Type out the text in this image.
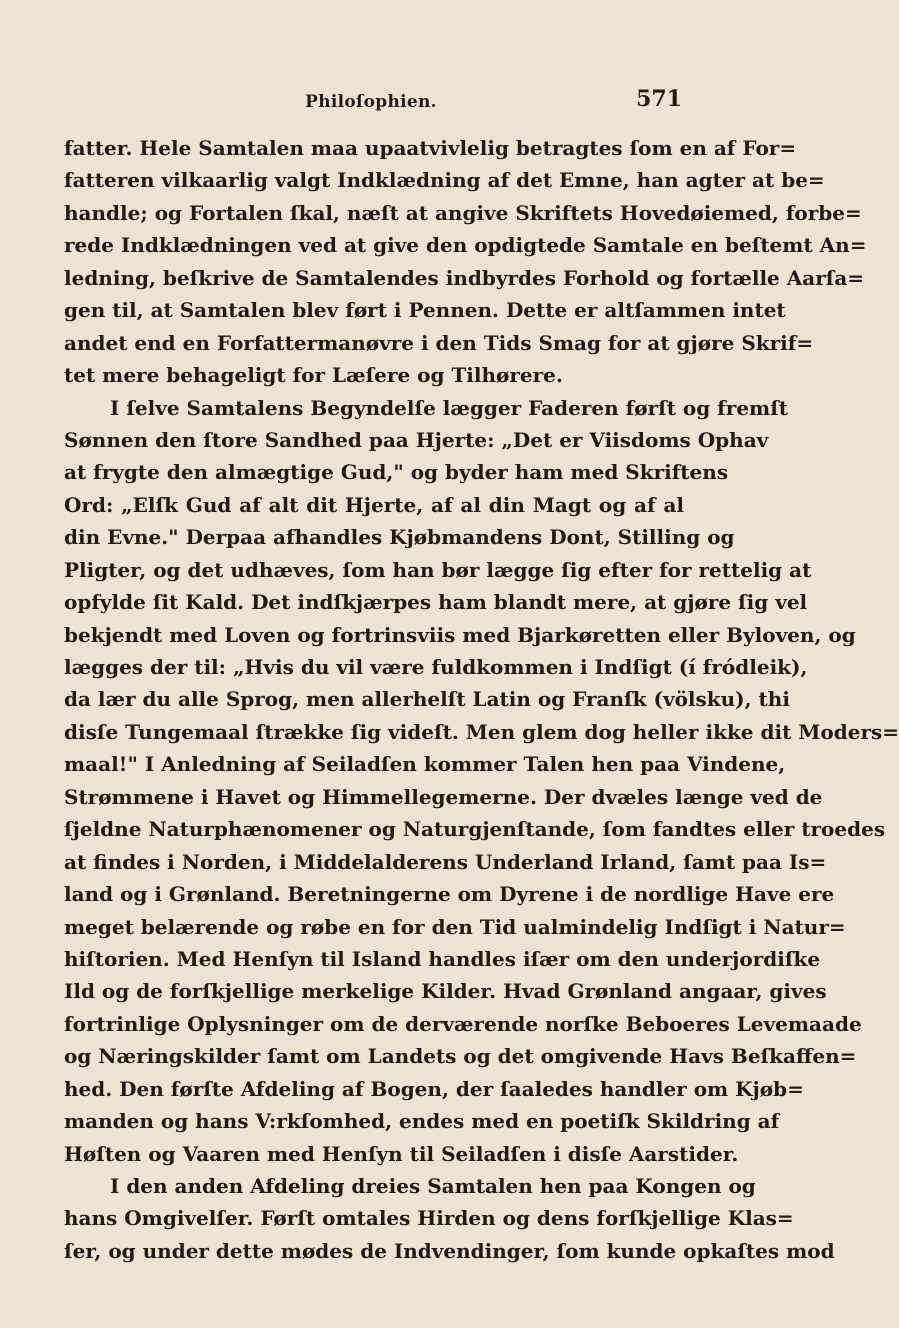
Philoſophien.	571
fatter. Hele Samtalen maa upaatvivlelig betragtes ſom en af For=
fatteren vilkaarlig valgt Indklædning af det Emne, han agter at be=
handle; og Fortalen ſkal, næſt at angive Skriftets Hovedøiemed, forbe=
rede Indklædningen ved at give den opdigtede Samtale en beſtemt An=
ledning, beſkrive de Samtalendes indbyrdes Forhold og fortælle Aarſa=
gen til, at Samtalen blev ført i Pennen. Dette er altſammen intet
andet end en Forfattermanøvre i den Tids Smag for at gjøre Skrif=
tet mere behageligt for Læſere og Tilhørere.
I ſelve Samtalens Begyndelſe lægger Faderen førſt og fremſt
Sønnen den ſtore Sandhed paa Hjerte: „Det er Viisdoms Ophav
at frygte den almægtige Gud," og byder ham med Skriftens
Ord: „Elſk Gud af alt dit Hjerte, af al din Magt og af al
din Evne." Derpaa afhandles Kjøbmandens Dont, Stilling og
Pligter, og det udhæves, ſom han bør lægge ſig efter for rettelig at
opfylde ſit Kald. Det indſkjærpes ham blandt mere, at gjøre ſig vel
bekjendt med Loven og fortrinsviis med Bjarkøretten eller Byloven, og
lægges der til: „Hvis du vil være fuldkommen i Indſigt (í fródleik),
da lær du alle Sprog, men allerhelſt Latin og Franſk (völsku), thi
disſe Tungemaal ſtrække ſig videſt. Men glem dog heller ikke dit Moders=
maal!" I Anledning af Seiladſen kommer Talen hen paa Vindene,
Strømmene i Havet og Himmellegemerne. Der dvæles længe ved de
ſjeldne Naturphænomener og Naturgjenſtande, ſom fandtes eller troedes
at findes i Norden, i Middelalderens Underland Irland, ſamt paa Is=
land og i Grønland. Beretningerne om Dyrene i de nordlige Have ere
meget belærende og røbe en for den Tid ualmindelig Indſigt i Natur=
hiſtorien. Med Henſyn til Island handles iſær om den underjordiſke
Ild og de forſkjellige merkelige Kilder. Hvad Grønland angaar, gives
fortrinlige Oplysninger om de derværende norſke Beboeres Levemaade
og Næringskilder ſamt om Landets og det omgivende Havs Beſkaffen=
hed. Den førſte Afdeling af Bogen, der ſaaledes handler om Kjøb=
manden og hans V:rkſomhed, endes med en poetiſk Skildring af
Høſten og Vaaren med Henſyn til Seiladſen i disſe Aarstider.
I den anden Afdeling dreies Samtalen hen paa Kongen og
hans Omgivelſer. Førſt omtales Hirden og dens forſkjellige Klas=
ſer, og under dette mødes de Indvendinger, ſom kunde opkaſtes mod
